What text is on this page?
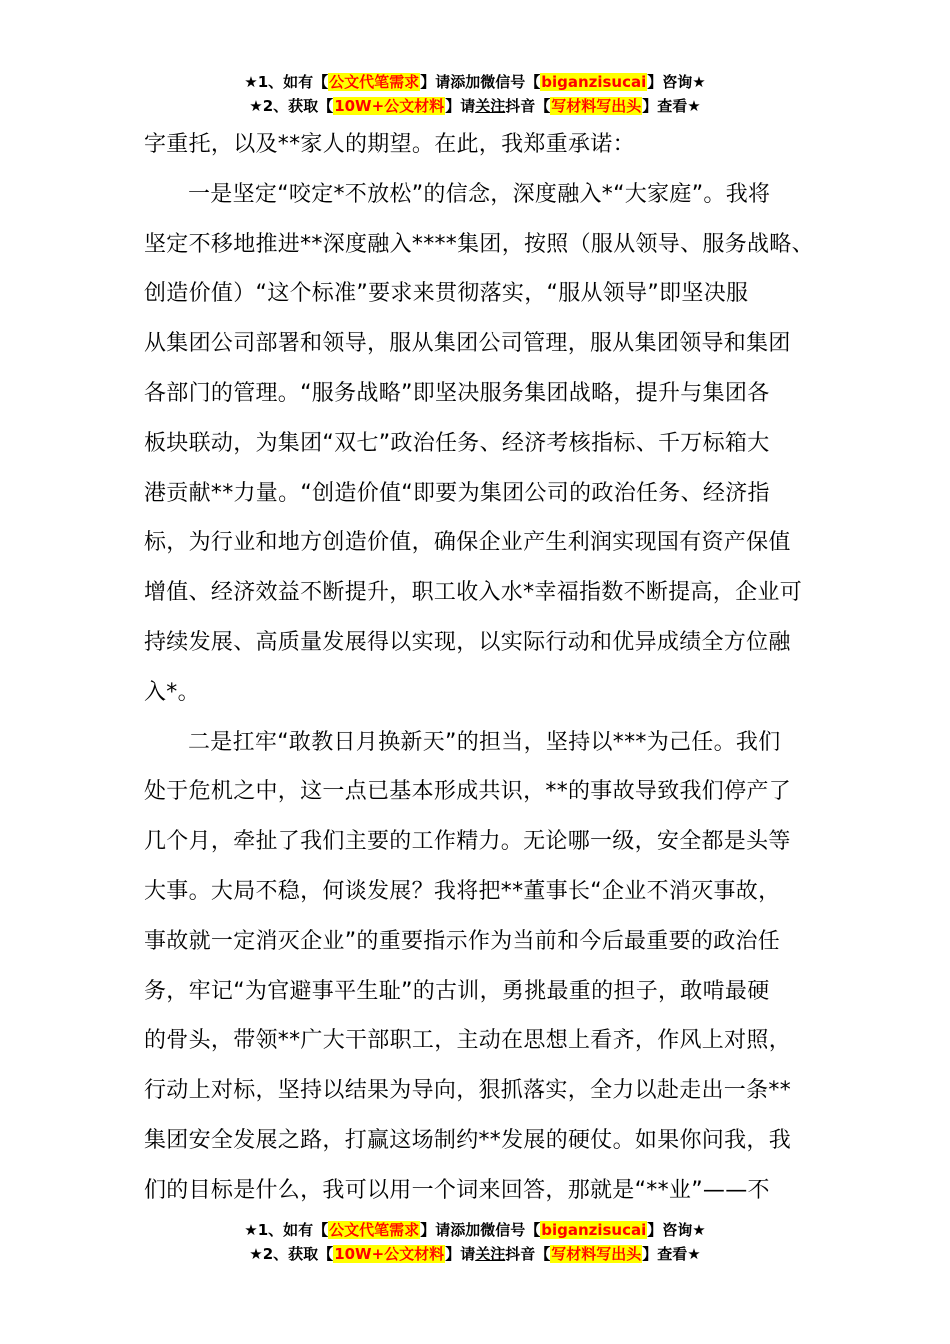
★1、如有【公文代笔需求】请添加微信号【biganzisucai】咨询★
★2、获取【10W+公文材料】请关注抖音【写材料写出头】查看★
字重托，以及**家人的期望。在此，我郑重承诺：
一是坚定“咬定*不放松”的信念，深度融入*“大家庭”。我将
坚定不移地推进**深度融入****集团，按照（服从领导、服务战略、
创造价值）“这个标准”要求来贯彻落实，“服从领导”即坚决服
从集团公司部署和领导，服从集团公司管理，服从集团领导和集团
各部门的管理。“服务战略”即坚决服务集团战略，提升与集团各
板块联动，为集团“双七”政治任务、经济考核指标、千万标箱大
港贡献**力量。“创造价值“即要为集团公司的政治任务、经济指
标，为行业和地方创造价值，确保企业产生利润实现国有资产保值
增值、经济效益不断提升，职工收入水*幸福指数不断提高，企业可
持续发展、高质量发展得以实现，以实际行动和优异成绩全方位融
入*。
二是扛牢“敢教日月换新天”的担当，坚持以***为己任。我们
处于危机之中，这一点已基本形成共识，**的事故导致我们停产了
几个月，牵扯了我们主要的工作精力。无论哪一级，安全都是头等
大事。大局不稳，何谈发展？我将把**董事长“企业不消灭事故，
事故就一定消灭企业”的重要指示作为当前和今后最重要的政治任
务，牢记“为官避事平生耻”的古训，勇挑最重的担子，敢啃最硬
的骨头，带领**广大干部职工，主动在思想上看齐，作风上对照，
行动上对标，坚持以结果为导向，狠抓落实，全力以赴走出一条**
集团安全发展之路，打赢这场制约**发展的硬仗。如果你问我，我
们的目标是什么，我可以用一个词来回答，那就是“**业”——不
★1、如有【公文代笔需求】请添加微信号【biganzisucai】咨询★
★2、获取【10W+公文材料】请关注抖音【写材料写出头】查看★
